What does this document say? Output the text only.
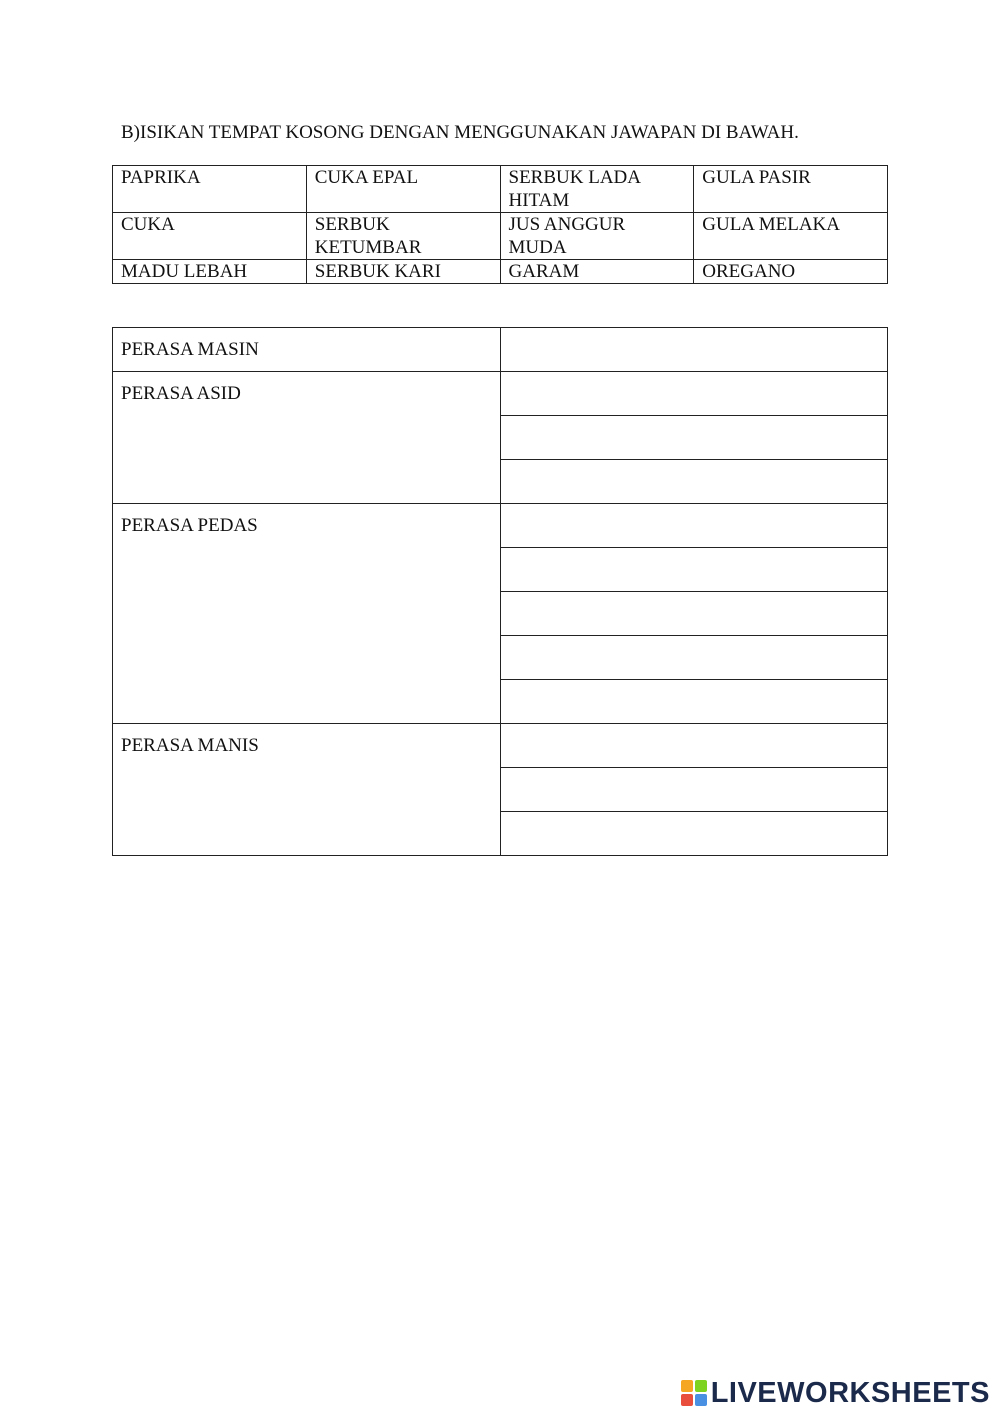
B)ISIKAN TEMPAT KOSONG DENGAN MENGGUNAKAN JAWAPAN DI BAWAH.
PAPRIKA	CUKA EPAL	SERBUK LADA HITAM	GULA PASIR
CUKA	SERBUK KETUMBAR	JUS ANGGUR MUDA	GULA MELAKA
MADU LEBAH	SERBUK KARI	GARAM	OREGANO
PERASA MASIN	
PERASA ASID	

PERASA PEDAS	

PERASA MANIS	

LIVEWORKSHEETS
